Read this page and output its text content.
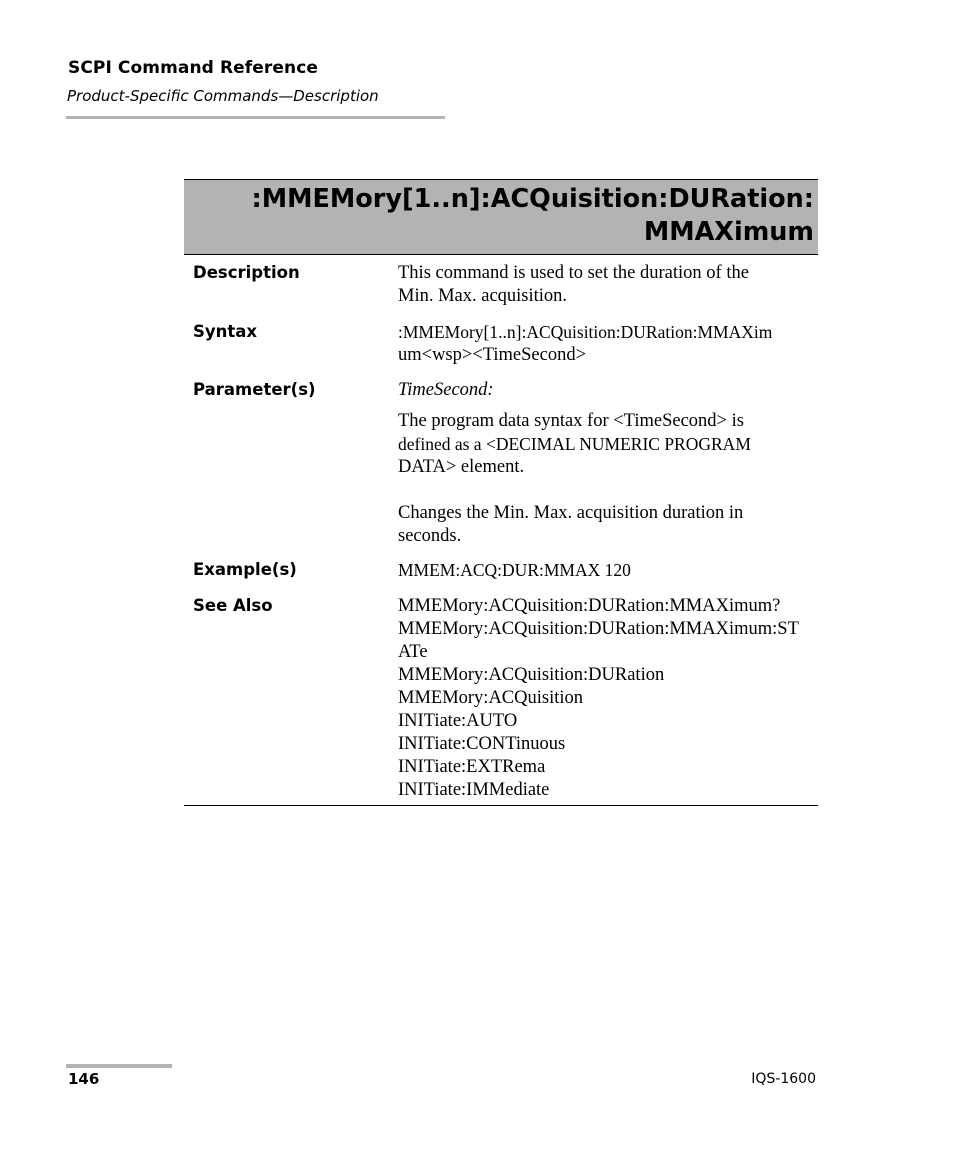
SCPI Command Reference
Product-Specific Commands—Description
:MMEMory[1..n]:ACQuisition:DURation:
MMAXimum
Description	This command is used to set the duration of the
Min. Max. acquisition.
Syntax	:MMEMory[1..n]:ACQuisition:DURation:MMAXim
um<wsp><TimeSecond>
Parameter(s)	TimeSecond:
The program data syntax for <TimeSecond> is
defined as a <DECIMAL NUMERIC PROGRAM
DATA> element.
Changes the Min. Max. acquisition duration in
seconds.
Example(s)	MMEM:ACQ:DUR:MMAX 120
See Also	MMEMory:ACQuisition:DURation:MMAXimum?
MMEMory:ACQuisition:DURation:MMAXimum:ST
ATe
MMEMory:ACQuisition:DURation
MMEMory:ACQuisition
INITiate:AUTO
INITiate:CONTinuous
INITiate:EXTRema
INITiate:IMMediate
146	IQS-1600
